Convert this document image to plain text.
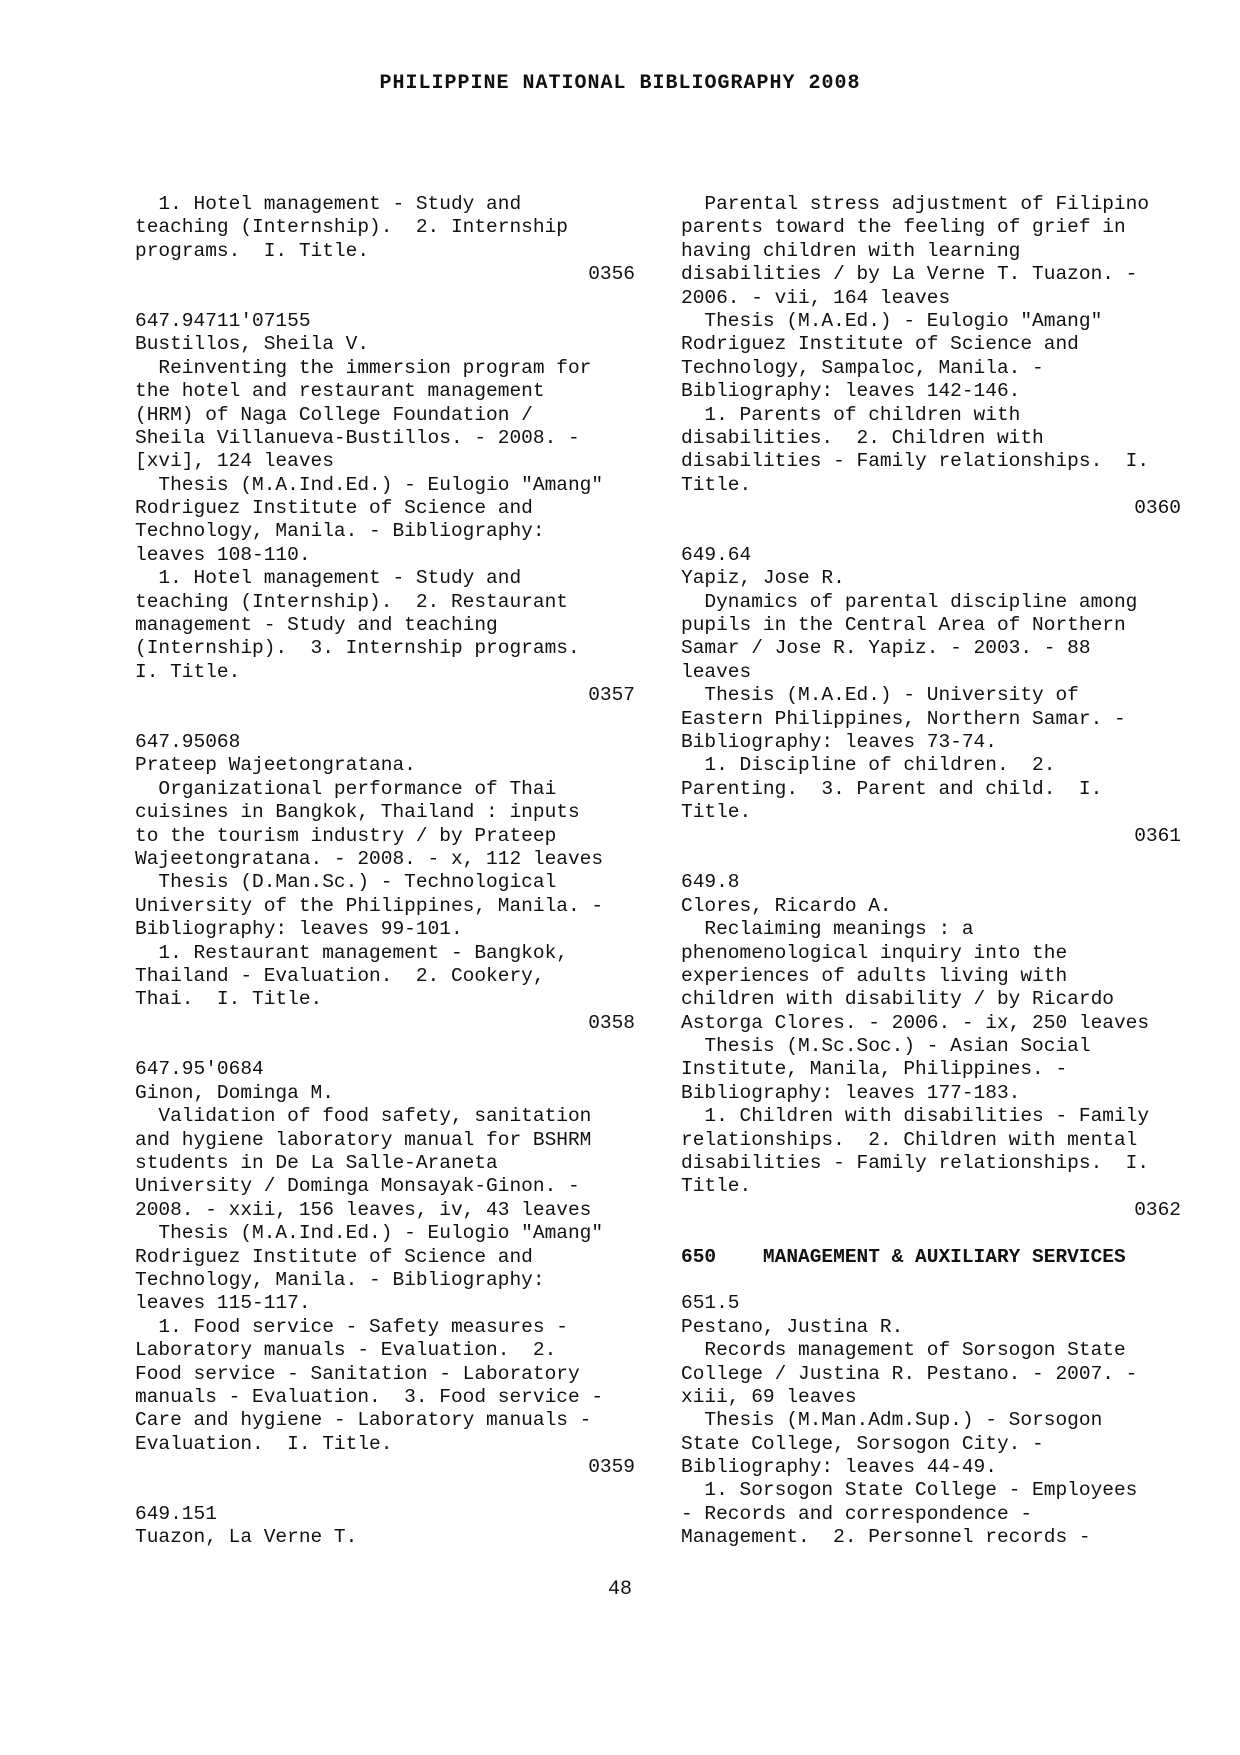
PHILIPPINE NATIONAL BIBLIOGRAPHY 2008
1. Hotel management - Study and
teaching (Internship).  2. Internship
programs.  I. Title.
0356
647.94711'07155
Bustillos, Sheila V.
Reinventing the immersion program for
the hotel and restaurant management
(HRM) of Naga College Foundation /
Sheila Villanueva-Bustillos. - 2008. -
[xvi], 124 leaves
Thesis (M.A.Ind.Ed.) - Eulogio "Amang"
Rodriguez Institute of Science and
Technology, Manila. - Bibliography:
leaves 108-110.
1. Hotel management - Study and
teaching (Internship).  2. Restaurant
management - Study and teaching
(Internship).  3. Internship programs.
I. Title.
0357
647.95068
Prateep Wajeetongratana.
Organizational performance of Thai
cuisines in Bangkok, Thailand : inputs
to the tourism industry / by Prateep
Wajeetongratana. - 2008. - x, 112 leaves
Thesis (D.Man.Sc.) - Technological
University of the Philippines, Manila. -
Bibliography: leaves 99-101.
1. Restaurant management - Bangkok,
Thailand - Evaluation.  2. Cookery,
Thai.  I. Title.
0358
647.95'0684
Ginon, Dominga M.
Validation of food safety, sanitation
and hygiene laboratory manual for BSHRM
students in De La Salle-Araneta
University / Dominga Monsayak-Ginon. -
2008. - xxii, 156 leaves, iv, 43 leaves
Thesis (M.A.Ind.Ed.) - Eulogio "Amang"
Rodriguez Institute of Science and
Technology, Manila. - Bibliography:
leaves 115-117.
1. Food service - Safety measures -
Laboratory manuals - Evaluation.  2.
Food service - Sanitation - Laboratory
manuals - Evaluation.  3. Food service -
Care and hygiene - Laboratory manuals -
Evaluation.  I. Title.
0359
649.151
Tuazon, La Verne T.
Parental stress adjustment of Filipino
parents toward the feeling of grief in
having children with learning
disabilities / by La Verne T. Tuazon. -
2006. - vii, 164 leaves
Thesis (M.A.Ed.) - Eulogio "Amang"
Rodriguez Institute of Science and
Technology, Sampaloc, Manila. -
Bibliography: leaves 142-146.
1. Parents of children with
disabilities.  2. Children with
disabilities - Family relationships.  I.
Title.
0360
649.64
Yapiz, Jose R.
Dynamics of parental discipline among
pupils in the Central Area of Northern
Samar / Jose R. Yapiz. - 2003. - 88
leaves
Thesis (M.A.Ed.) - University of
Eastern Philippines, Northern Samar. -
Bibliography: leaves 73-74.
1. Discipline of children.  2.
Parenting.  3. Parent and child.  I.
Title.
0361
649.8
Clores, Ricardo A.
Reclaiming meanings : a
phenomenological inquiry into the
experiences of adults living with
children with disability / by Ricardo
Astorga Clores. - 2006. - ix, 250 leaves
Thesis (M.Sc.Soc.) - Asian Social
Institute, Manila, Philippines. -
Bibliography: leaves 177-183.
1. Children with disabilities - Family
relationships.  2. Children with mental
disabilities - Family relationships.  I.
Title.
0362
650    MANAGEMENT & AUXILIARY SERVICES
651.5
Pestano, Justina R.
Records management of Sorsogon State
College / Justina R. Pestano. - 2007. -
xiii, 69 leaves
Thesis (M.Man.Adm.Sup.) - Sorsogon
State College, Sorsogon City. -
Bibliography: leaves 44-49.
1. Sorsogon State College - Employees
- Records and correspondence -
Management.  2. Personnel records -
48
